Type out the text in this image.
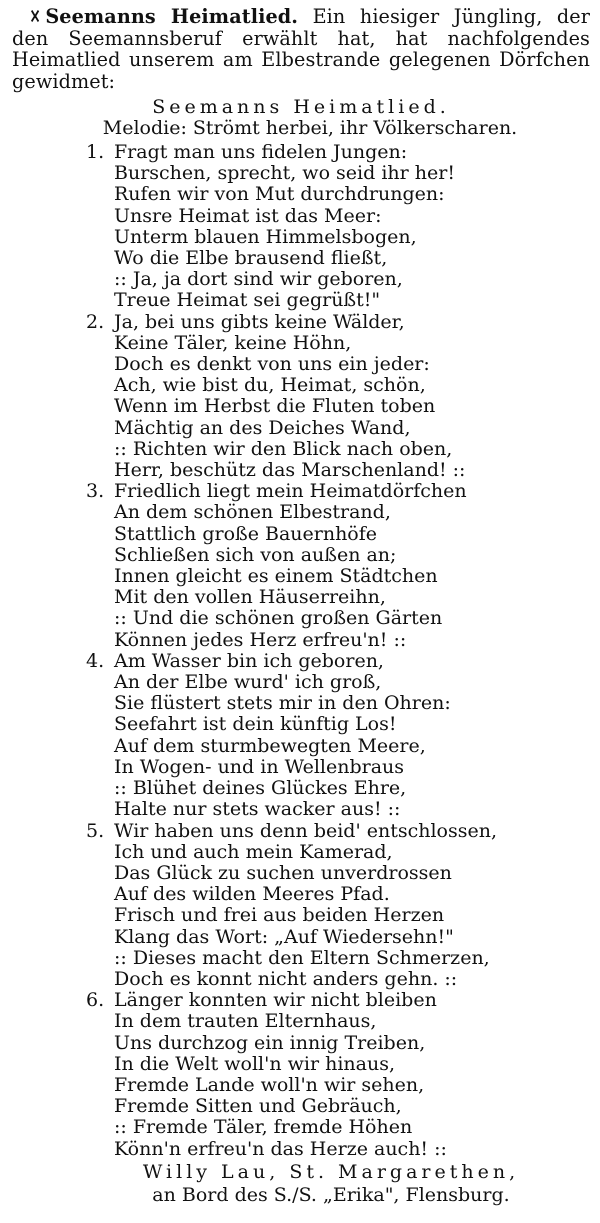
☓ Seemanns Heimatlied. Ein hiesiger Jüngling, der den Seemannsberuf erwählt hat, hat nachfolgendes Heimatlied unserem am Elbestrande gelegenen Dörfchen gewidmet:

Seemanns Heimatlied.
Melodie: Strömt herbei, ihr Völkerscharen.
1. Fragt man uns fidelen Jungen:
Burschen, sprecht, wo seid ihr her!
Rufen wir von Mut durchdrungen:
Unsre Heimat ist das Meer:
Unterm blauen Himmelsbogen,
Wo die Elbe brausend fließt,
:: Ja, ja dort sind wir geboren,
Treue Heimat sei gegrüßt!"
2. Ja, bei uns gibts keine Wälder,
Keine Täler, keine Höhn,
Doch es denkt von uns ein jeder:
Ach, wie bist du, Heimat, schön,
Wenn im Herbst die Fluten toben
Mächtig an des Deiches Wand,
:: Richten wir den Blick nach oben,
Herr, beschütz das Marschenland! ::
3. Friedlich liegt mein Heimatdörfchen
An dem schönen Elbestrand,
Stattlich große Bauernhöfe
Schließen sich von außen an;
Innen gleicht es einem Städtchen
Mit den vollen Häuserreihn,
:: Und die schönen großen Gärten
Können jedes Herz erfreu'n! ::
4. Am Wasser bin ich geboren,
An der Elbe wurd' ich groß,
Sie flüstert stets mir in den Ohren:
Seefahrt ist dein künftig Los!
Auf dem sturmbewegten Meere,
In Wogen- und in Wellenbraus
:: Blühet deines Glückes Ehre,
Halte nur stets wacker aus! ::
5. Wir haben uns denn beid' entschlossen,
Ich und auch mein Kamerad,
Das Glück zu suchen unverdrossen
Auf des wilden Meeres Pfad.
Frisch und frei aus beiden Herzen
Klang das Wort: „Auf Wiedersehn!"
:: Dieses macht den Eltern Schmerzen,
Doch es konnt nicht anders gehn. ::
6. Länger konnten wir nicht bleiben
In dem trauten Elternhaus,
Uns durchzog ein innig Treiben,
In die Welt woll'n wir hinaus,
Fremde Lande woll'n wir sehen,
Fremde Sitten und Gebräuch,
:: Fremde Täler, fremde Höhen
Könn'n erfreu'n das Herze auch! ::
Willy Lau, St. Margarethen,
an Bord des S./S. „Erika", Flensburg.
